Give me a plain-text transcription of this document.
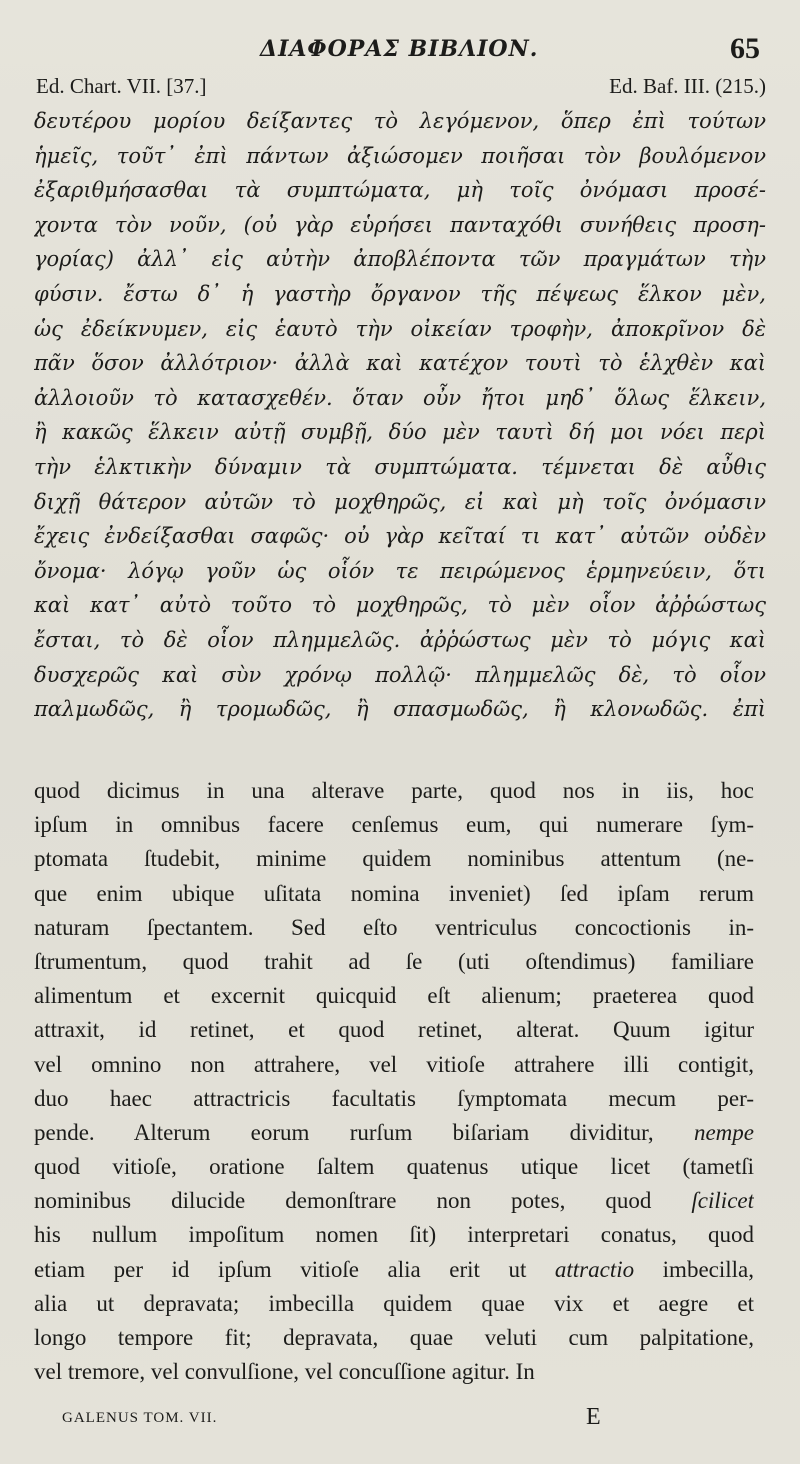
ΔΙΑΦΟΡΑΣ ΒΙΒΛΙΟΝ.	65
Ed. Chart. VII. [37.]	Ed. Baf. III. (215.)
δευτέρου μορίου δείξαντες τὸ λεγόμενον, ὅπερ ἐπὶ τούτων
ἡμεῖς, τοῦτ᾽ ἐπὶ πάντων ἀξιώσομεν ποιῆσαι τὸν βουλόμενον
ἐξαριθμήσασθαι τὰ συμπτώματα, μὴ τοῖς ὀνόμασι προσέ-
χοντα τὸν νοῦν, (οὐ γὰρ εὑρήσει πανταχόθι συνήθεις προση-
γορίας) ἀλλ᾽ εἰς αὐτὴν ἀποβλέποντα τῶν πραγμάτων τὴν
φύσιν. ἔστω δ᾽ ἡ γαστὴρ ὄργανον τῆς πέψεως ἕλκον μὲν,
ὡς ἐδείκνυμεν, εἰς ἑαυτὸ τὴν οἰκείαν τροφὴν, ἀποκρῖνον δὲ
πᾶν ὅσον ἀλλότριον· ἀλλὰ καὶ κατέχον τουτὶ τὸ ἑλχθὲν καὶ
ἀλλοιοῦν τὸ κατασχεθέν. ὅταν οὖν ἤτοι μηδ᾽ ὅλως ἕλκειν,
ἢ κακῶς ἕλκειν αὐτῇ συμβῇ, δύο μὲν ταυτὶ δή μοι νόει περὶ
τὴν ἑλκτικὴν δύναμιν τὰ συμπτώματα. τέμνεται δὲ αὖθις
διχῇ θάτερον αὐτῶν τὸ μοχθηρῶς, εἰ καὶ μὴ τοῖς ὀνόμασιν
ἔχεις ἐνδείξασθαι σαφῶς· οὐ γὰρ κεῖταί τι κατ᾽ αὐτῶν οὐδὲν
ὄνομα· λόγῳ γοῦν ὡς οἷόν τε πειρώμενος ἑρμηνεύειν, ὅτι
καὶ κατ᾽ αὐτὸ τοῦτο τὸ μοχθηρῶς, τὸ μὲν οἷον ἀῤῥώστως
ἔσται, τὸ δὲ οἷον πλημμελῶς. ἀῤῥώστως μὲν τὸ μόγις καὶ
δυσχερῶς καὶ σὺν χρόνῳ πολλῷ· πλημμελῶς δὲ, τὸ οἷον
παλμωδῶς, ἢ τρομωδῶς, ἢ σπασμωδῶς, ἢ κλονωδῶς. ἐπὶ
quod dicimus in una alterave parte, quod nos in iis, hoc
ipſum in omnibus facere cenſemus eum, qui numerare ſym-
ptomata ſtudebit, minime quidem nominibus attentum (ne-
que enim ubique uſitata nomina inveniet) ſed ipſam rerum
naturam ſpectantem. Sed eſto ventriculus concoctionis in-
ſtrumentum, quod trahit ad ſe (uti oſtendimus) familiare
alimentum et excernit quicquid eſt alienum; praeterea quod
attraxit, id retinet, et quod retinet, alterat. Quum igitur
vel omnino non attrahere, vel vitioſe attrahere illi contigit,
duo haec attractricis facultatis ſymptomata mecum per-
pende. Alterum eorum rurſum biſariam dividitur, nempe
quod vitioſe, oratione ſaltem quatenus utique licet (tametſi
nominibus dilucide demonſtrare non potes, quod ſcilicet
his nullum impoſitum nomen ſit) interpretari conatus, quod
etiam per id ipſum vitioſe alia erit ut attractio imbecilla,
alia ut depravata; imbecilla quidem quae vix et aegre et
longo tempore fit; depravata, quae veluti cum palpitatione,
vel tremore, vel convulſione, vel concuſſione agitur. In
GALENUS TOM. VII.	E
